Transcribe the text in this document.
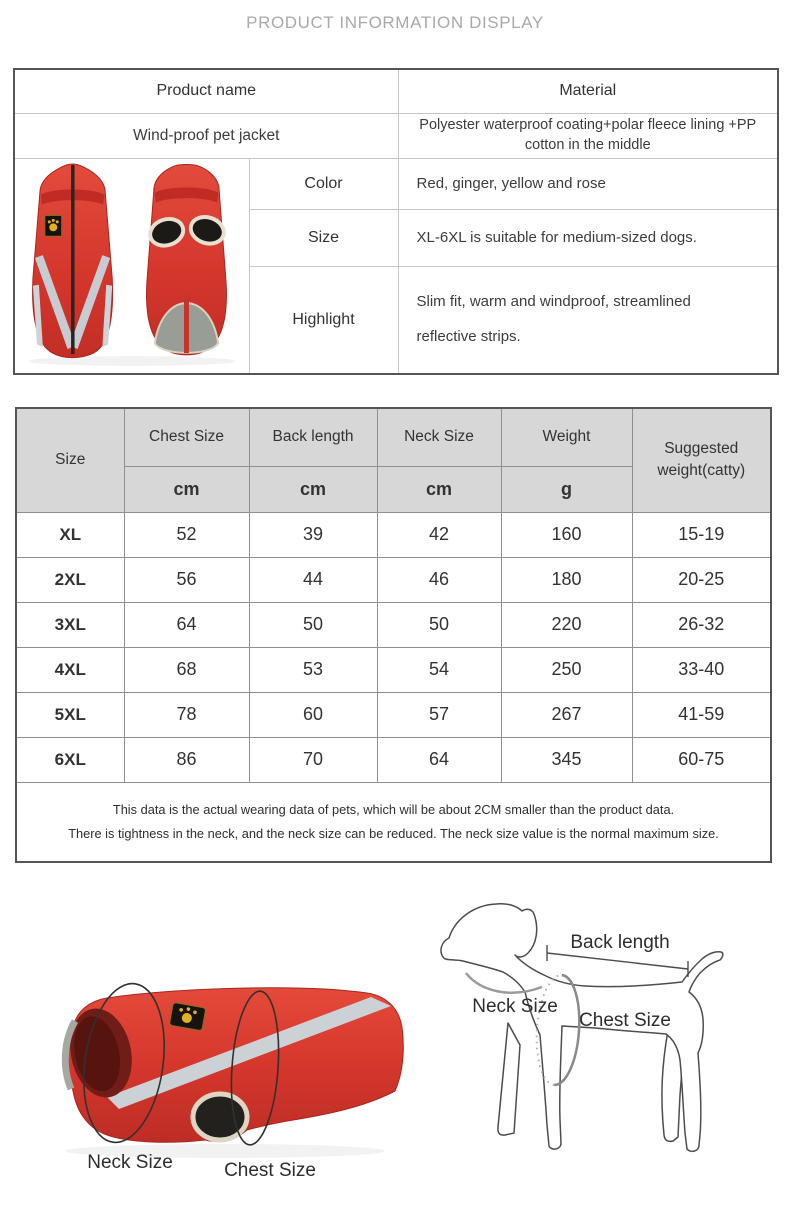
PRODUCT INFORMATION DISPLAY
Product name		Material
Wind-proof pet jacket		Polyester waterproof coating+polar fleece lining +PP cotton in the middle

	Color	Red, ginger, yellow and rose
	Size	XL-6XL is suitable for medium-sized dogs.
	Highlight	Slim fit, warm and windproof, streamlined reflective strips.
Size	Chest Size	Back length	Neck Size	Weight	Suggested weight(catty)

	cm	cm	cm	g	
XL	52	39	42	160	15-19
2XL	56	44	46	180	20-25
3XL	64	50	50	220	26-32
4XL	68	53	54	250	33-40
5XL	78	60	57	267	41-59
6XL	86	70	64	345	60-75

This data is the actual wearing data of pets, which will be about 2CM smaller than the product data.
There is tightness in the neck, and the neck size can be reduced. The neck size value is the normal maximum size.					
Neck Size	Chest Size
Back length
Neck Size
Chest Size
